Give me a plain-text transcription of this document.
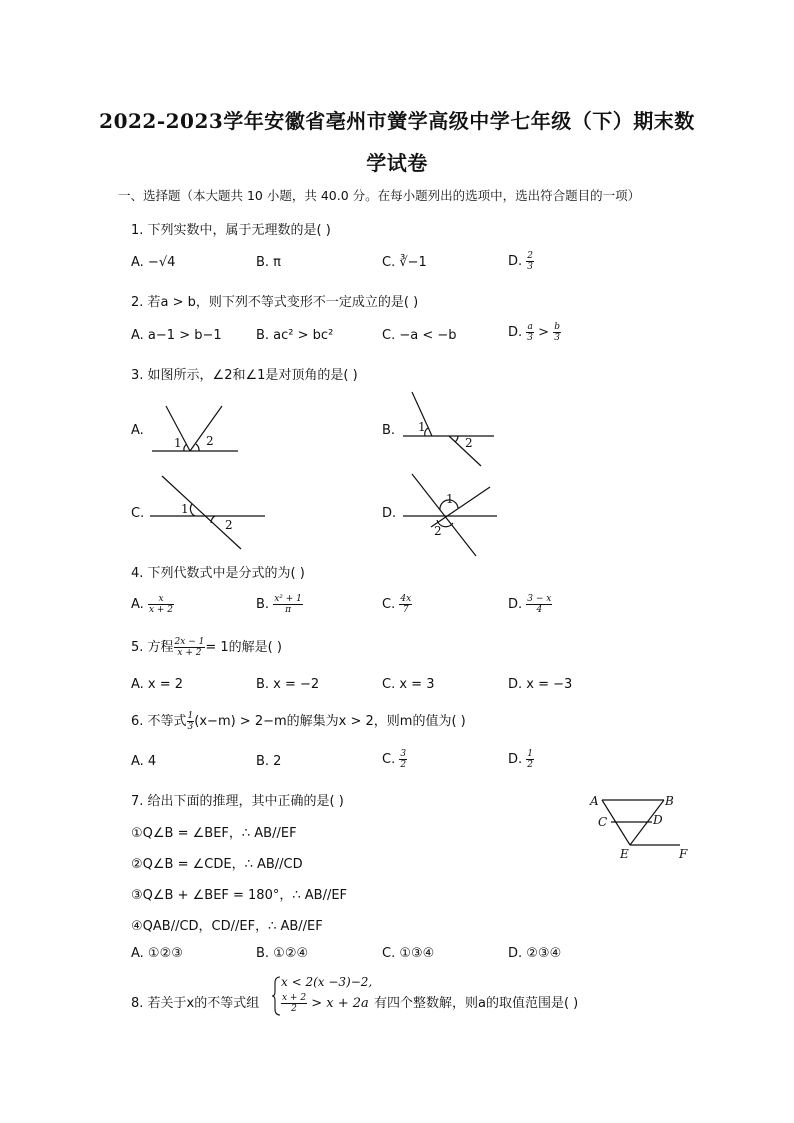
2022-2023学年安徽省亳州市黉学高级中学七年级（下）期末数
学试卷
一、选择题（本大题共 10 小题，共 40.0 分。在每小题列出的选项中，选出符合题目的一项）
1. 下列实数中，属于无理数的是( )
A. −√4	B. π	C. ∛−1	D. $\frac{2}{3}$
2. 若a > b，则下列不等式变形不一定成立的是( )
A. a−1 > b−1	B. ac² > bc²	C. −a < −b	D. $\frac{a}{3} > \frac{b}{3}$
3. 如图所示，∠2和∠1是对顶角的是( )
A.	B.
C.	D.
1 2
1
2
1
2
1
2
A	B
C	D
E	F
4. 下列代数式中是分式的为( )
A. $\frac{x}{x + 2}$	B. $\frac{\text{x² + 1}}{\pi}$	C. $\frac{4x}{7}$	D. $\frac{3 - x}{4}$
5. 方程 $\frac{2x - 1}{x + 2} = 1$的解是( )
A. x = 2	B. x = −2	C. x = 3	D. x = −3
6. 不等式 $\frac{1}{3} (x-m) > 2-m$的解集为x > 2，则m的值为( )
A. 4	B. 2	C. $\frac{3}{2}$	D. $\frac{1}{2}$
7. 给出下面的推理，其中正确的是( )
①Q∠B = ∠BEF，∴ AB//EF
②Q∠B = ∠CDE，∴ AB//CD
③Q∠B + ∠BEF = 180°，∴ AB//EF
④QAB//CD，CD//EF，∴ AB//EF
A. ①②③	B. ①②④	C. ①③④	D. ②③④
8. 若关于x的不等式组
x < 2(x −3)−2,
$\frac{x + 2}{2} > x + 2a$ 有四个整数解，则a的取值范围是( )
